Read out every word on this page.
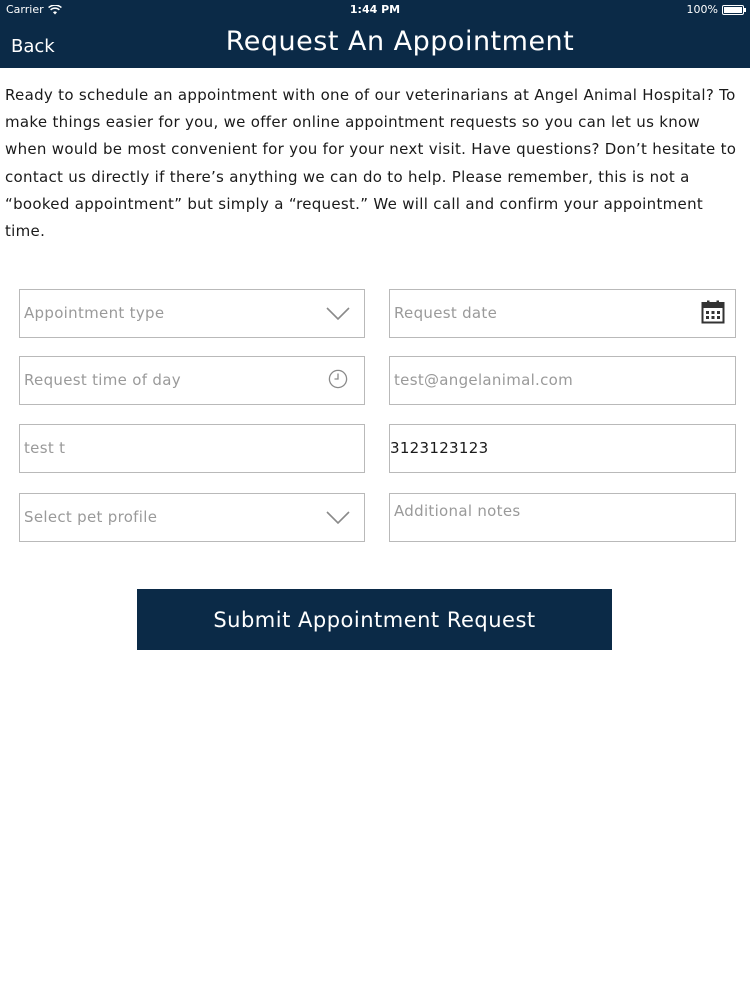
Carrier	1:44 PM	100%
Back	Request An Appointment
Ready to schedule an appointment with one of our veterinarians at Angel Animal Hospital? To make things easier for you, we offer online appointment requests so you can let us know when would be most convenient for you for your next visit. Have questions? Don’t hesitate to contact us directly if there’s anything we can do to help. Please remember, this is not a “booked appointment” but simply a “request.” We will call and confirm your appointment time.
Appointment type	Request date
Request time of day	test@angelanimal.com
test t	3123123123
Select pet profile	Additional notes
Submit Appointment Request
